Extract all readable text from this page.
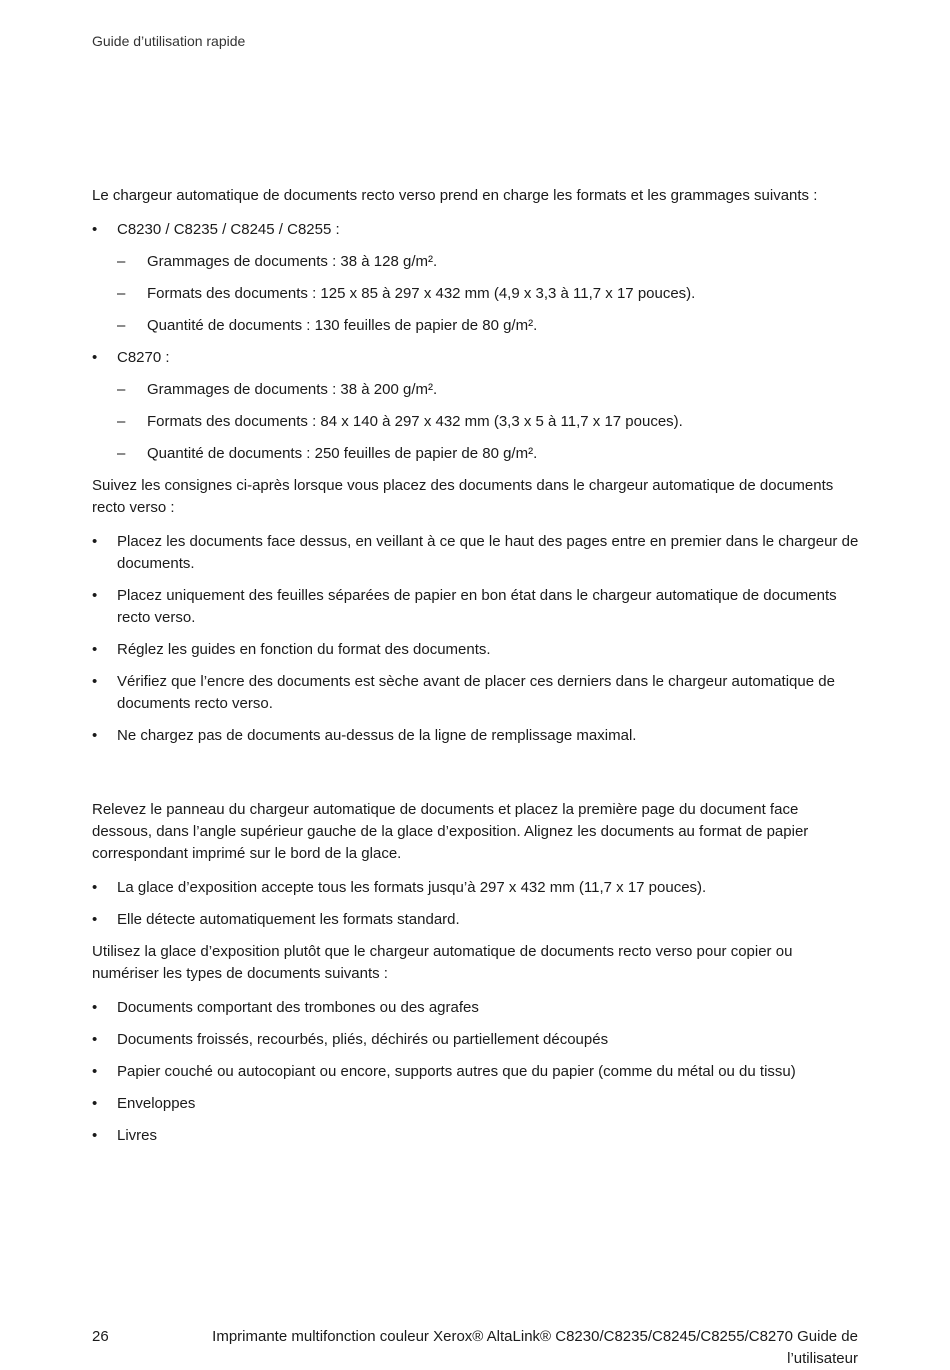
Guide d’utilisation rapide

Le chargeur automatique de documents recto verso prend en charge les formats et les grammages suivants :

• C8230 / C8235 / C8245 / C8255 :
– Grammages de documents : 38 à 128 g/m².
– Formats des documents : 125 x 85 à 297 x 432 mm (4,9 x 3,3 à 11,7 x 17 pouces).
– Quantité de documents : 130 feuilles de papier de 80 g/m².
• C8270 :
– Grammages de documents : 38 à 200 g/m².
– Formats des documents : 84 x 140 à 297 x 432 mm (3,3 x 5 à 11,7 x 17 pouces).
– Quantité de documents : 250 feuilles de papier de 80 g/m².

Suivez les consignes ci-après lorsque vous placez des documents dans le chargeur automatique de documents recto verso :

• Placez les documents face dessus, en veillant à ce que le haut des pages entre en premier dans le chargeur de documents.
• Placez uniquement des feuilles séparées de papier en bon état dans le chargeur automatique de documents recto verso.
• Réglez les guides en fonction du format des documents.
• Vérifiez que l’encre des documents est sèche avant de placer ces derniers dans le chargeur automatique de documents recto verso.
• Ne chargez pas de documents au-dessus de la ligne de remplissage maximal.

Relevez le panneau du chargeur automatique de documents et placez la première page du document face dessous, dans l’angle supérieur gauche de la glace d’exposition. Alignez les documents au format de papier correspondant imprimé sur le bord de la glace.

• La glace d’exposition accepte tous les formats jusqu’à 297 x 432 mm (11,7 x 17 pouces).
• Elle détecte automatiquement les formats standard.

Utilisez la glace d’exposition plutôt que le chargeur automatique de documents recto verso pour copier ou numériser les types de documents suivants :

• Documents comportant des trombones ou des agrafes
• Documents froissés, recourbés, pliés, déchirés ou partiellement découpés
• Papier couché ou autocopiant ou encore, supports autres que du papier (comme du métal ou du tissu)
• Enveloppes
• Livres
26	Imprimante multifonction couleur Xerox® AltaLink® C8230/C8235/C8245/C8255/C8270 Guide de l’utilisateur
